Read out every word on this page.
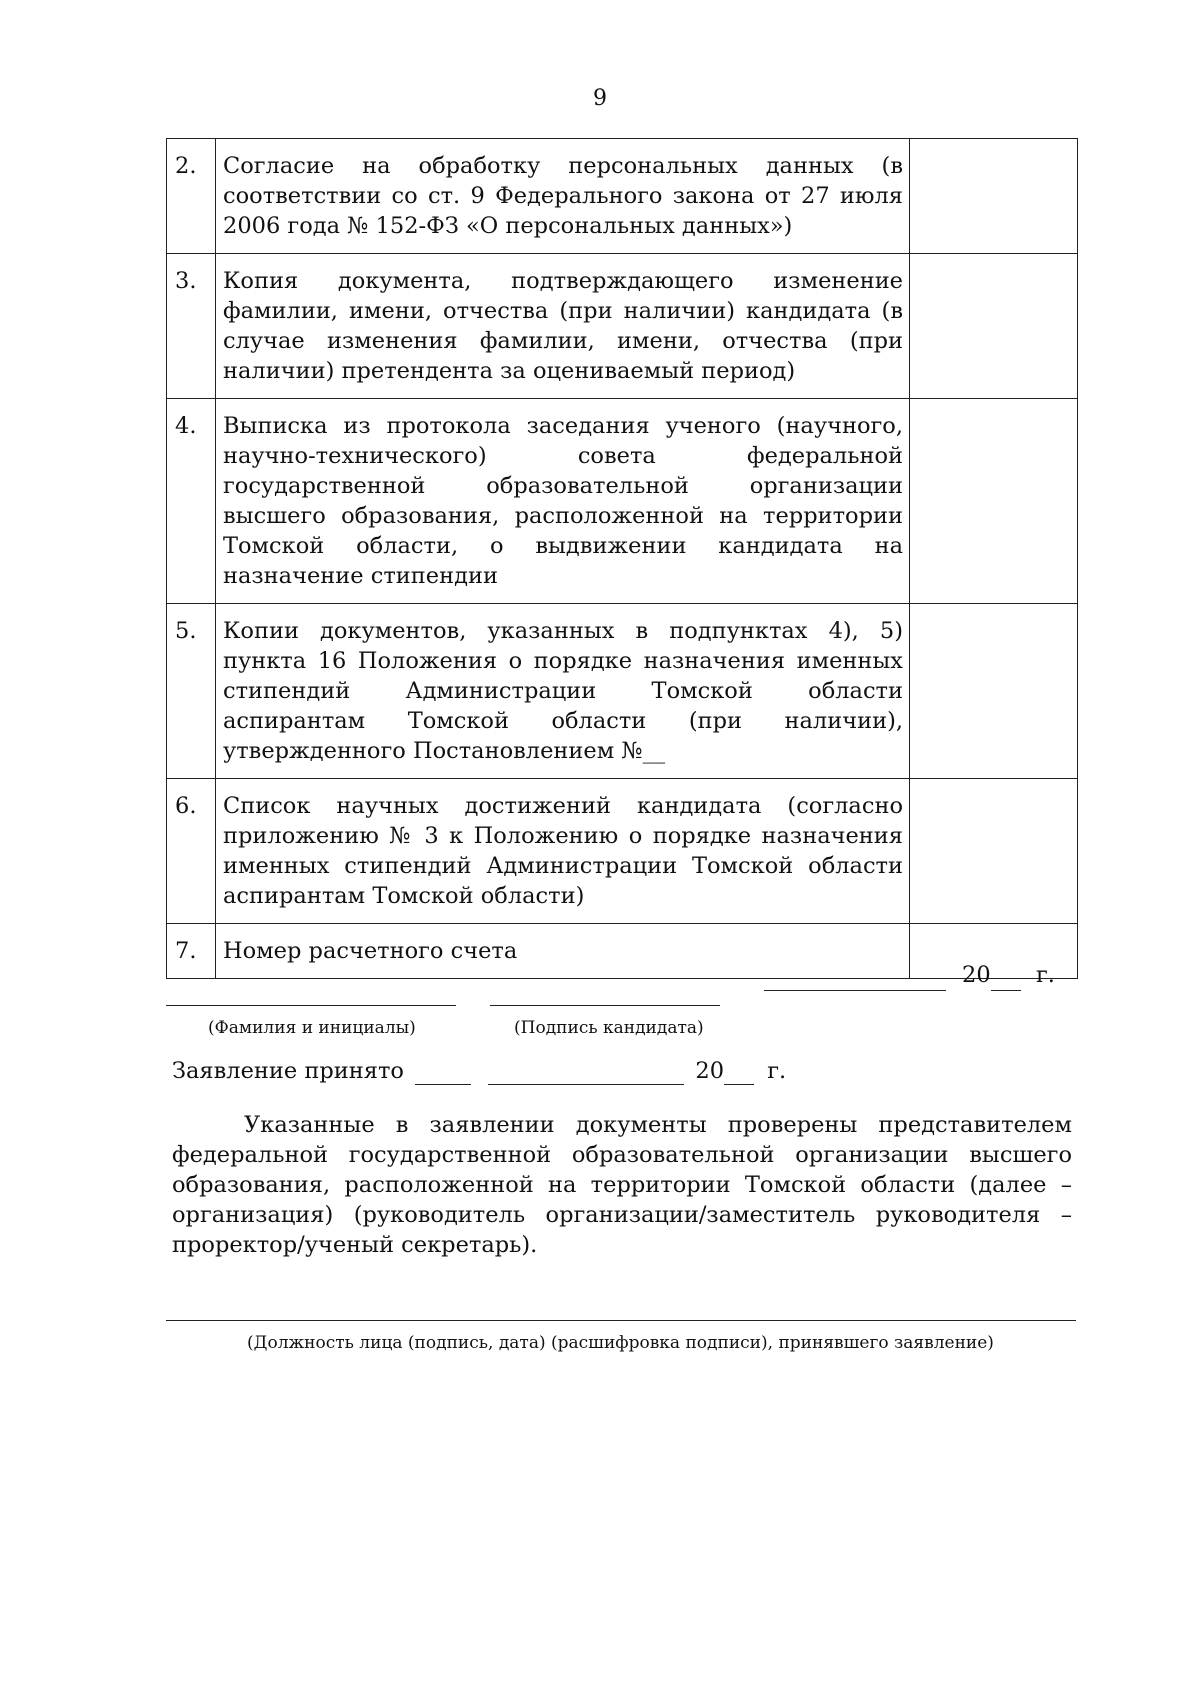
9
2.	Согласие на обработку персональных данных (в соответствии со ст. 9 Федерального закона от 27 июля 2006 года № 152-ФЗ «О персональных данных»)	
3.	Копия документа, подтверждающего изменение фамилии, имени, отчества (при наличии) кандидата (в случае изменения фамилии, имени, отчества (при наличии) претендента за оцениваемый период)	
4.	Выписка из протокола заседания ученого (научного, научно-технического) совета федеральной государственной образовательной организации высшего образования, расположенной на территории Томской области, о выдвижении кандидата на назначение стипендии	
5.	Копии документов, указанных в подпунктах 4), 5) пункта 16 Положения о порядке назначения именных стипендий Администрации Томской области аспирантам Томской области (при наличии), утвержденного Постановлением №__	
6.	Список научных достижений кандидата (согласно приложению № 3 к Положению о порядке назначения именных стипендий Администрации Томской области аспирантам Томской области)	
7.	Номер расчетного счета	
20 г.
(Фамилия и инициалы)	(Подпись кандидата)
Заявление принято	20 г.
Указанные в заявлении документы проверены представителем федеральной государственной образовательной организации высшего образования, расположенной на территории Томской области (далее – организация) (руководитель организации/заместитель руководителя – проректор/ученый секретарь).
(Должность лица (подпись, дата) (расшифровка подписи), принявшего заявление)
